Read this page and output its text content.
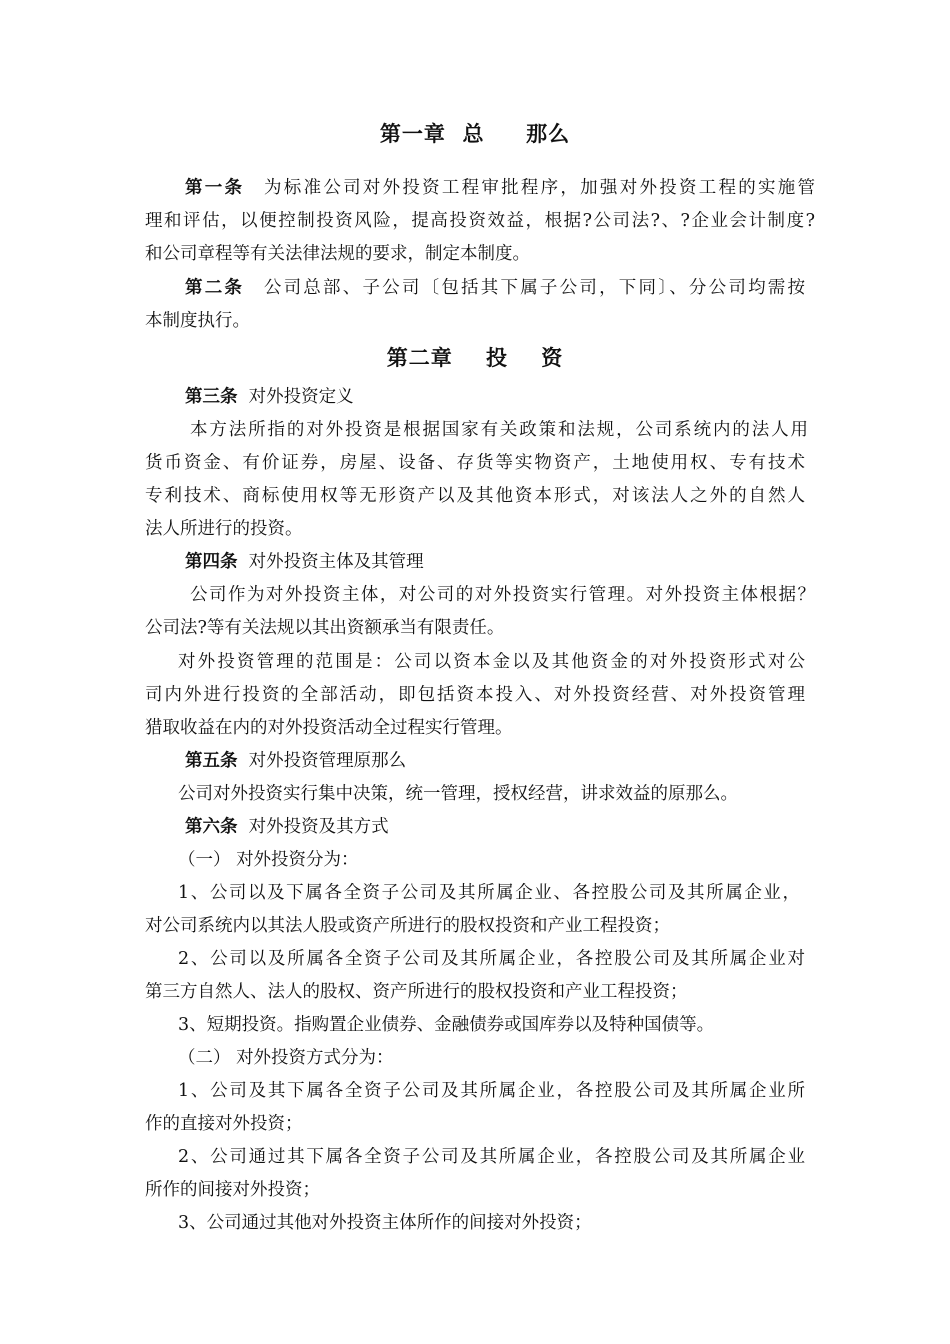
第一章  总     那么
第一条　 为标准公司对外投资工程审批程序，加强对外投资工程的实施管
理和评估，以便控制投资风险，提高投资效益，根据?公司法?、?企业会计制度?
和公司章程等有关法律法规的要求，制定本制度。
第二条　 公司总部、子公司〔包括其下属子公司，下同〕、分公司均需按
本制度执行。
第二章    投    资
第三条 对外投资定义
本方法所指的对外投资是根据国家有关政策和法规，公司系统内的法人用
货币资金、有价证券，房屋、设备、存货等实物资产，土地使用权、专有技术
专利技术、商标使用权等无形资产以及其他资本形式，对该法人之外的自然人
法人所进行的投资。
第四条 对外投资主体及其管理
公司作为对外投资主体，对公司的对外投资实行管理。对外投资主体根据？
公司法?等有关法规以其出资额承当有限责任。
对外投资管理的范围是：公司以资本金以及其他资金的对外投资形式对公
司内外进行投资的全部活动，即包括资本投入、对外投资经营、对外投资管理
猎取收益在内的对外投资活动全过程实行管理。
第五条 对外投资管理原那么
公司对外投资实行集中决策，统一管理，授权经营，讲求效益的原那么。
第六条 对外投资及其方式
（一） 对外投资分为：
1、公司以及下属各全资子公司及其所属企业、各控股公司及其所属企业，
对公司系统内以其法人股或资产所进行的股权投资和产业工程投资；
2、公司以及所属各全资子公司及其所属企业，各控股公司及其所属企业对
第三方自然人、法人的股权、资产所进行的股权投资和产业工程投资；
3、短期投资。指购置企业债券、金融债券或国库券以及特种国债等。
（二） 对外投资方式分为：
1、公司及其下属各全资子公司及其所属企业，各控股公司及其所属企业所
作的直接对外投资；
2、公司通过其下属各全资子公司及其所属企业，各控股公司及其所属企业
所作的间接对外投资；
3、公司通过其他对外投资主体所作的间接对外投资；
